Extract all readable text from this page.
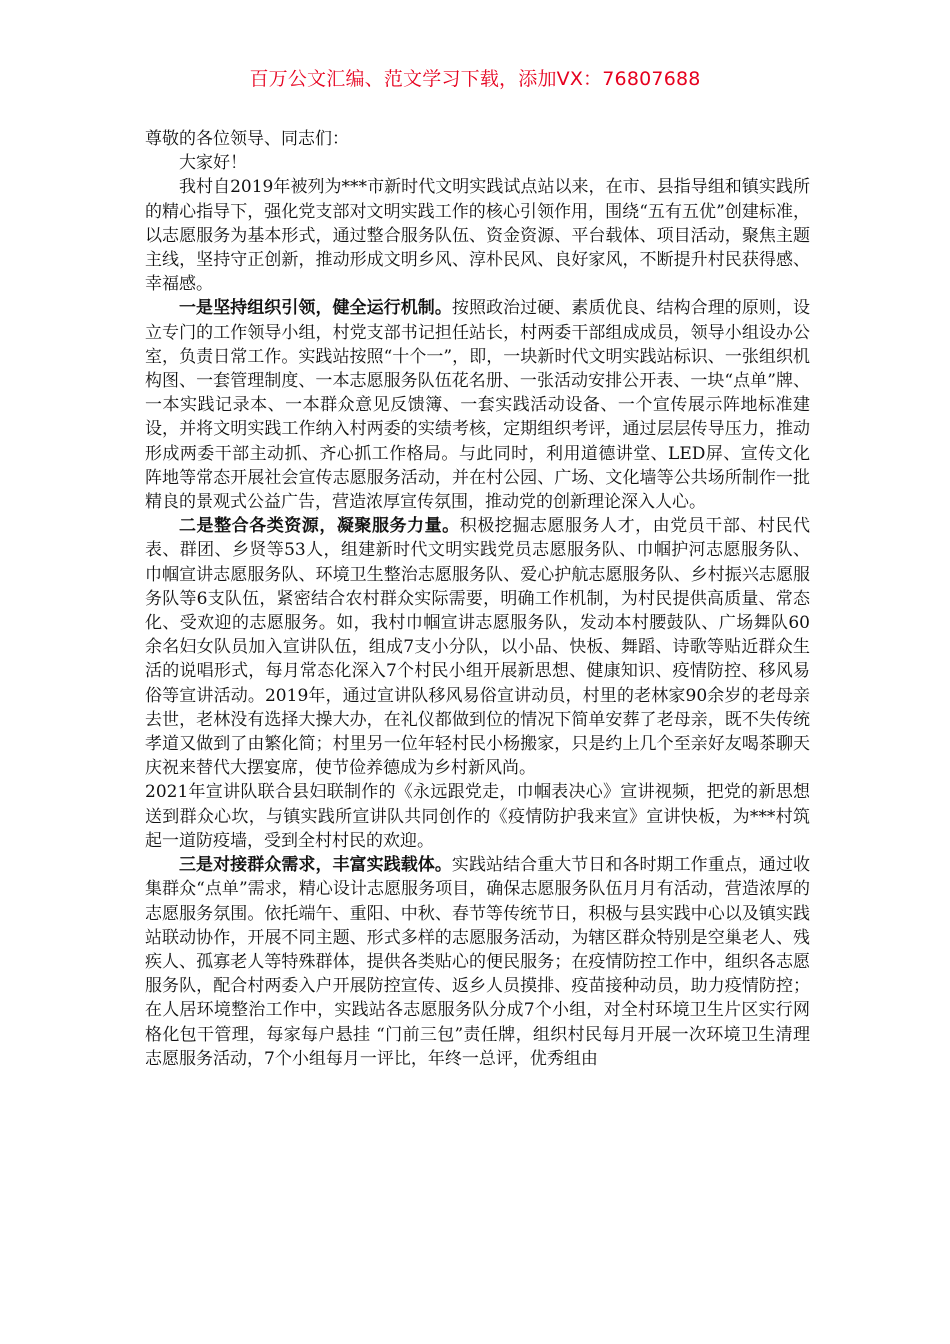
百万公文汇编、范文学习下载，添加VX：76807688

尊敬的各位领导、同志们：

大家好！

我村自2019年被列为***市新时代文明实践试点站以来，在市、县指导组和镇实践所的精心指导下，强化党支部对文明实践工作的核心引领作用，围绕“五有五优”创建标准，以志愿服务为基本形式，通过整合服务队伍、资金资源、平台载体、项目活动，聚焦主题主线，坚持守正创新，推动形成文明乡风、淳朴民风、良好家风，不断提升村民获得感、幸福感。

一是坚持组织引领，健全运行机制。按照政治过硬、素质优良、结构合理的原则，设立专门的工作领导小组，村党支部书记担任站长，村两委干部组成成员，领导小组设办公室，负责日常工作。实践站按照“十个一”，即，一块新时代文明实践站标识、一张组织机构图、一套管理制度、一本志愿服务队伍花名册、一张活动安排公开表、一块“点单”牌、一本实践记录本、一本群众意见反馈簿、一套实践活动设备、一个宣传展示阵地标准建设，并将文明实践工作纳入村两委的实绩考核，定期组织考评，通过层层传导压力，推动形成两委干部主动抓、齐心抓工作格局。与此同时，利用道德讲堂、LED屏、宣传文化阵地等常态开展社会宣传志愿服务活动，并在村公园、广场、文化墙等公共场所制作一批精良的景观式公益广告，营造浓厚宣传氛围，推动党的创新理论深入人心。

二是整合各类资源，凝聚服务力量。积极挖掘志愿服务人才，由党员干部、村民代表、群团、乡贤等53人，组建新时代文明实践党员志愿服务队、巾帼护河志愿服务队、巾帼宣讲志愿服务队、环境卫生整治志愿服务队、爱心护航志愿服务队、乡村振兴志愿服务队等6支队伍，紧密结合农村群众实际需要，明确工作机制，为村民提供高质量、常态化、受欢迎的志愿服务。如，我村巾帼宣讲志愿服务队，发动本村腰鼓队、广场舞队60余名妇女队员加入宣讲队伍，组成7支小分队，以小品、快板、舞蹈、诗歌等贴近群众生活的说唱形式，每月常态化深入7个村民小组开展新思想、健康知识、疫情防控、移风易俗等宣讲活动。2019年，通过宣讲队移风易俗宣讲动员，村里的老林家90余岁的老母亲去世，老林没有选择大操大办，在礼仪都做到位的情况下简单安葬了老母亲，既不失传统孝道又做到了由繁化简；村里另一位年轻村民小杨搬家，只是约上几个至亲好友喝茶聊天庆祝来替代大摆宴席，使节俭养德成为乡村新风尚。

2021年宣讲队联合县妇联制作的《永远跟党走，巾帼表决心》宣讲视频，把党的新思想送到群众心坎，与镇实践所宣讲队共同创作的《疫情防护我来宣》宣讲快板，为***村筑起一道防疫墙，受到全村村民的欢迎。

三是对接群众需求，丰富实践载体。实践站结合重大节日和各时期工作重点，通过收集群众“点单”需求，精心设计志愿服务项目，确保志愿服务队伍月月有活动，营造浓厚的志愿服务氛围。依托端午、重阳、中秋、春节等传统节日，积极与县实践中心以及镇实践站联动协作，开展不同主题、形式多样的志愿服务活动，为辖区群众特别是空巢老人、残疾人、孤寡老人等特殊群体，提供各类贴心的便民服务；在疫情防控工作中，组织各志愿服务队，配合村两委入户开展防控宣传、返乡人员摸排、疫苗接种动员，助力疫情防控；在人居环境整治工作中，实践站各志愿服务队分成7个小组，对全村环境卫生片区实行网格化包干管理，每家每户悬挂 “门前三包”责任牌，组织村民每月开展一次环境卫生清理志愿服务活动，7个小组每月一评比，年终一总评，优秀组由
